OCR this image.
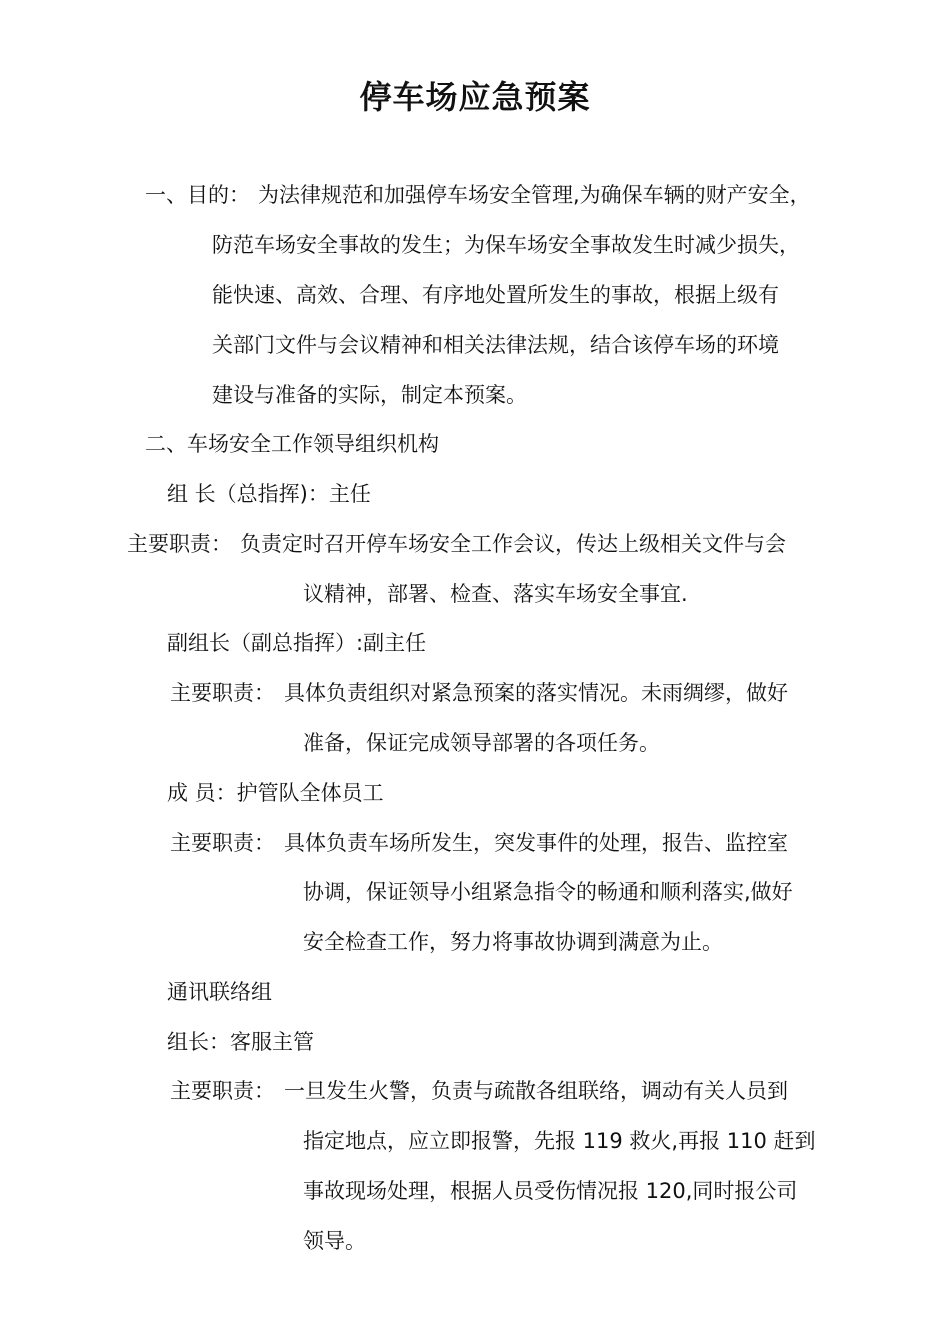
停车场应急预案
一、目的： 为法律规范和加强停车场安全管理,为确保车辆的财产安全，
防范车场安全事故的发生；为保车场安全事故发生时减少损失，
能快速、高效、合理、有序地处置所发生的事故，根据上级有
关部门文件与会议精神和相关法律法规，结合该停车场的环境
建设与准备的实际，制定本预案。
二、车场安全工作领导组织机构
组 长（总指挥)：主任
主要职责： 负责定时召开停车场安全工作会议，传达上级相关文件与会
议精神，部署、检查、落实车场安全事宜.
副组长（副总指挥）:副主任
主要职责： 具体负责组织对紧急预案的落实情况。未雨绸缪，做好
准备，保证完成领导部署的各项任务。
成 员：护管队全体员工
主要职责： 具体负责车场所发生，突发事件的处理，报告、监控室
协调，保证领导小组紧急指令的畅通和顺利落实,做好
安全检查工作，努力将事故协调到满意为止。
通讯联络组
组长：客服主管
主要职责： 一旦发生火警，负责与疏散各组联络，调动有关人员到
指定地点，应立即报警，先报 119 救火,再报 110 赶到
事故现场处理，根据人员受伤情况报 120,同时报公司
领导。
